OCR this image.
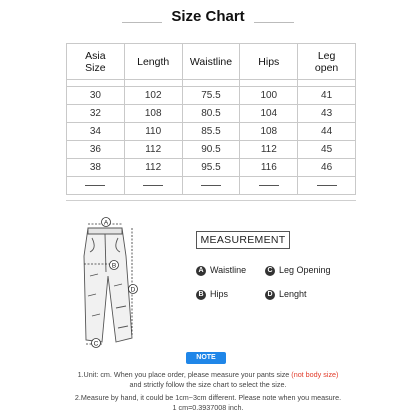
Size Chart
Asia
Size	Length	Waistline	Hips	Leg
open

30	102	75.5	100	41
32	108	80.5	104	43
34	110	85.5	108	44
36	112	90.5	112	45
38	112	95.5	116	46

A
B
D
C
MEASUREMENT
A Waistline	C Leg Opening
B Hips	D Lenght
NOTE
1.Unit: cm. When you place order, please measure your pants size (not body size)
and strictly follow the size chart to select the size.
2.Measure by hand, it could be 1cm~3cm different. Please note when you measure.
1 cm=0.3937008 inch.
